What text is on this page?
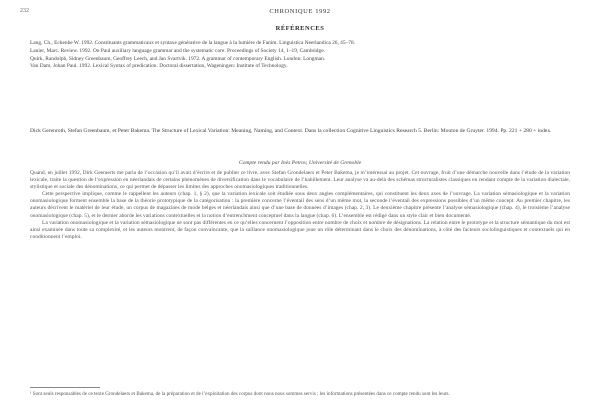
232	CHRONIQUE 1992
RÉFÉRENCES
Lang, Ch., Eckenbe W. 1992. Constituants grammaticaux et syntaxe générative de la langue à la lumière de Fanim. Linguistica Neerlandica 26, 45–78.
Lanier, Marc. Review. 1992. On Paul auxiliary language grammar and the systematic core. Proceedings of Society 14, 1–19, Cambridge.
Quirk, Randolph, Sidney Greenbaum, Geoffrey Leech, and Jan Svartvik. 1972. A grammar of contemporary English. London: Longman.
Van Dam, Johan Paul. 1992. Lexical Syntax of predication. Doctoral dissertation, Wageningen: Institute of Technology.
Dick Gerenroth, Stefan Greenbaum, et Peter Bakema. The Structure of Lexical Variation: Meaning, Naming, and Context. Dans la collection Cognitive Linguistics Research 5. Berlin: Mouton de Gruyter. 1994. Pp. 221 + 280 + index.
Compte rendu par Inès Petrov, Université de Grenoble

Quand, en juillet 1992, Dirk Geeraerts me parla de l’occasion qu’il avait d’écrire et de publier ce livre, avec Stefan Grondelaers et Peter Bakema, je m’intéressai au projet. Cet ouvrage, fruit d’une démarche nouvelle dans l’étude de la variation lexicale, traite la question de l’expression en néerlandais de certains phénomènes de diversification dans le vocabulaire de l’habillement. Leur analyse va au-delà des schémas structuralistes classiques en rendant compte de la variation dialectale, stylistique et sociale des dénominations, ce qui permet de dépasser les limites des approches onomasiologiques traditionnelles.

Cette perspective implique, comme le rappellent les auteurs (chap. 1, § 2), que la variation lexicale soit étudiée sous deux angles complémentaires, qui constituent les deux axes de l’ouvrage. La variation sémasiologique et la variation onomasiologique forment ensemble la base de la théorie prototypique de la catégorisation : la première concerne l’éventail des sens d’un même mot, la seconde l’éventail des expressions possibles d’un même concept. Au premier chapitre, les auteurs décrivent le matériel de leur étude, un corpus de magazines de mode belges et néerlandais ainsi que d’une base de données d’images (chap. 2, 3). Le deuxième chapitre présente l’analyse sémasiologique (chap. 4), le troisième l’analyse onomasiologique (chap. 5), et le dernier aborde les variations contextuelles et la notion d’entrenchment conceptuel dans la langue (chap. 6). L’ensemble est rédigé dans un style clair et bien documenté.

La variation onomasiologique et la variation sémasiologique ne sont pas différentes en ce qu’elles concernent l’opposition entre nombre de choix et nombre de désignations. La relation entre le prototype et la structure sémantique du mot est ainsi examinée dans toute sa complexité, et les auteurs montrent, de façon convaincante, que la saillance onomasiologique joue un rôle déterminant dans le choix des dénominations, à côté des facteurs sociolinguistiques et contextuels qui en conditionnent l’emploi.

¹ Sont seuls responsables de ce texte Grondelaers et Bakema, de la préparation et de l’exploitation des corpus dont nous nous sommes servis ; les informations présentées dans ce compte rendu sont les leurs.
